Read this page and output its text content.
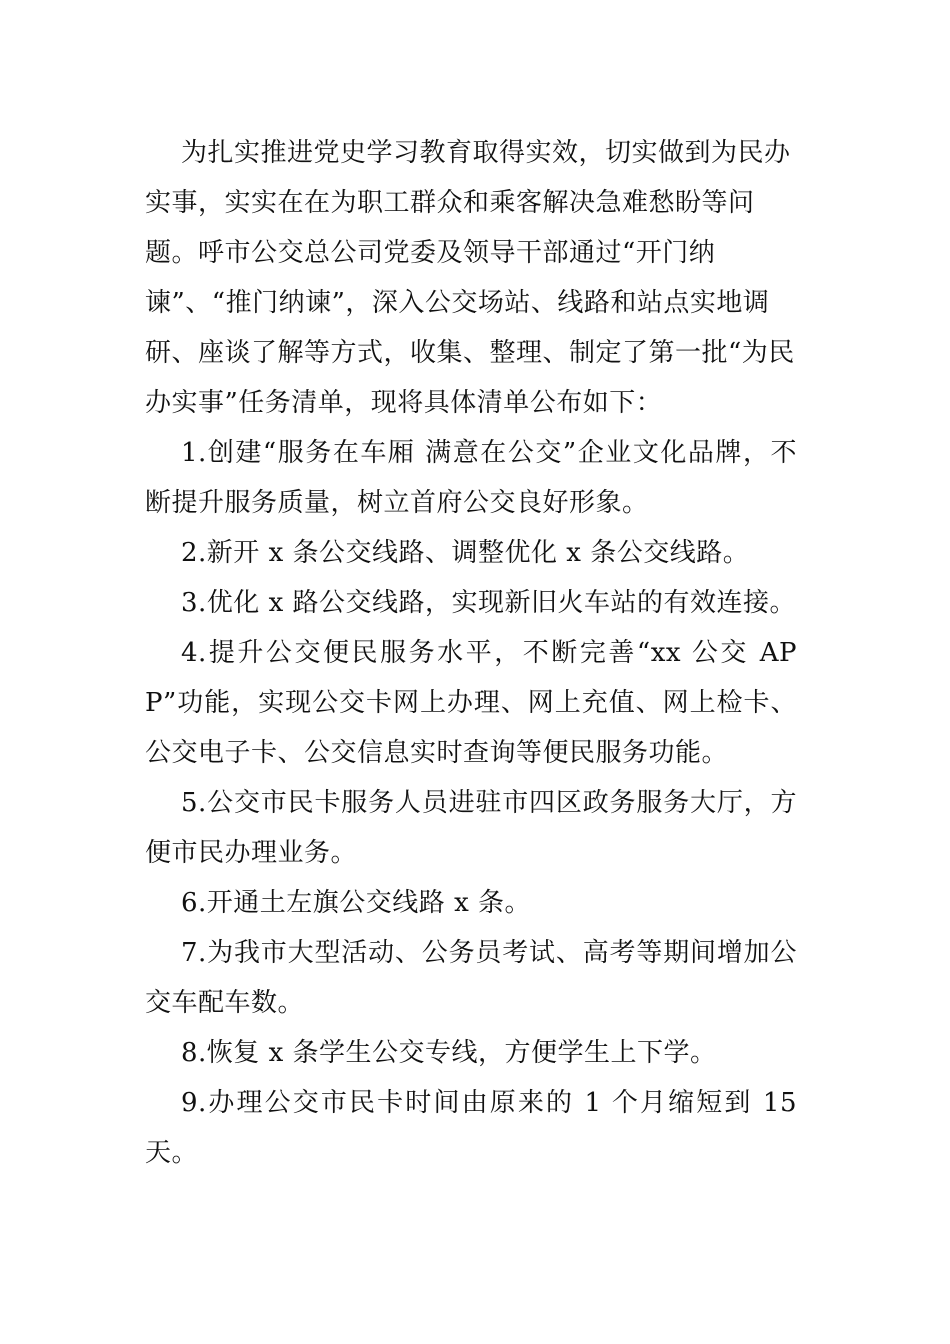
为扎实推进党史学习教育取得实效，切实做到为民办实事，实实在在为职工群众和乘客解决急难愁盼等问题。呼市公交总公司党委及领导干部通过“开门纳谏”、“推门纳谏”，深入公交场站、线路和站点实地调研、座谈了解等方式，收集、整理、制定了第一批“为民办实事”任务清单，现将具体清单公布如下：

1.创建“服务在车厢 满意在公交”企业文化品牌，不断提升服务质量，树立首府公交良好形象。

2.新开 x 条公交线路、调整优化 x 条公交线路。

3.优化 x 路公交线路，实现新旧火车站的有效连接。

4.提升公交便民服务水平，不断完善“xx 公交 APP”功能，实现公交卡网上办理、网上充值、网上检卡、公交电子卡、公交信息实时查询等便民服务功能。

5.公交市民卡服务人员进驻市四区政务服务大厅，方便市民办理业务。

6.开通土左旗公交线路 x 条。

7.为我市大型活动、公务员考试、高考等期间增加公交车配车数。

8.恢复 x 条学生公交专线，方便学生上下学。

9.办理公交市民卡时间由原来的 1 个月缩短到 15 天。
